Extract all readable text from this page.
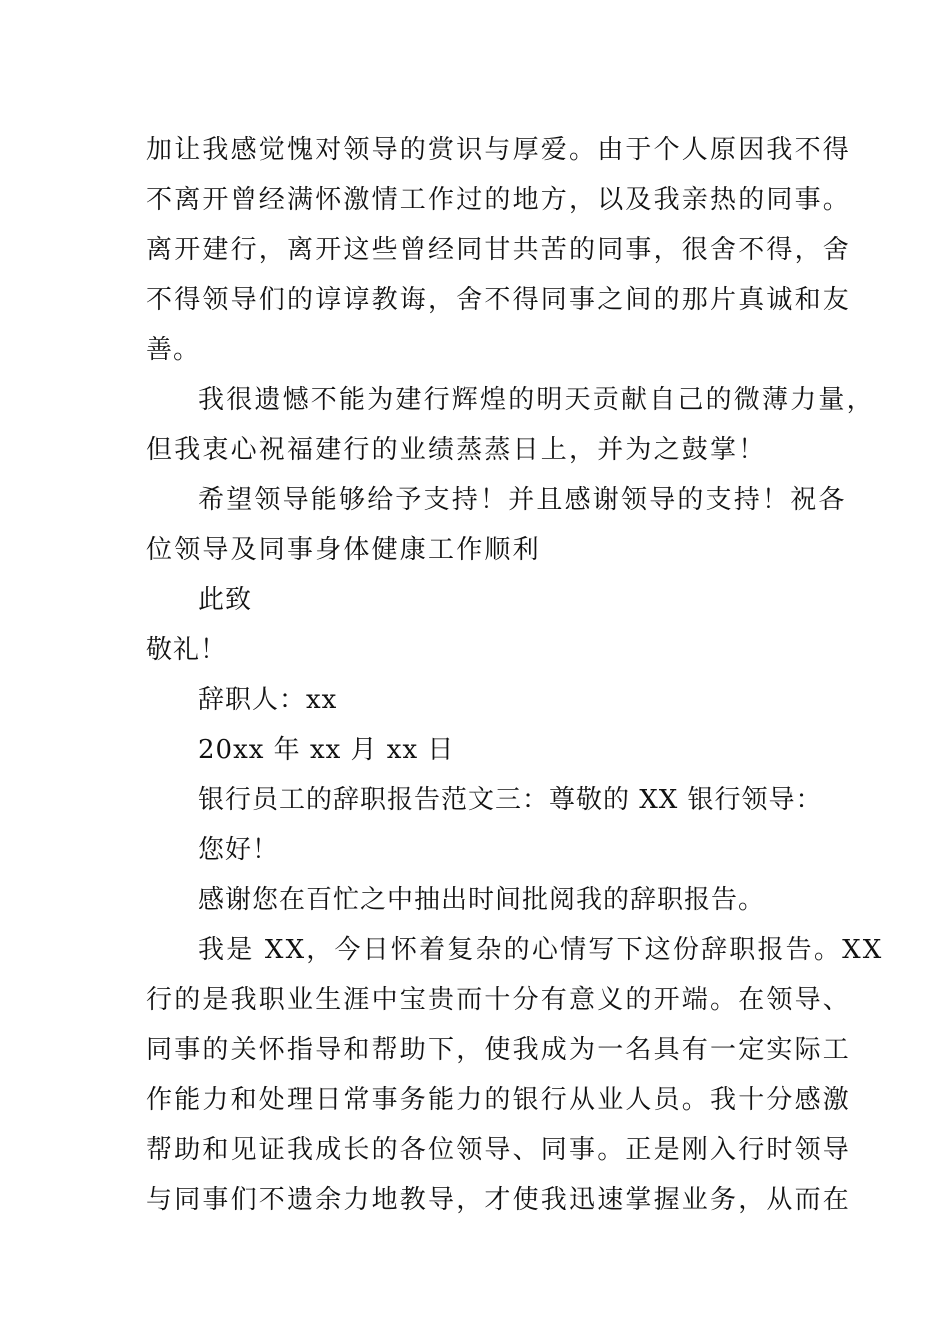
加让我感觉愧对领导的赏识与厚爱。由于个人原因我不得
不离开曾经满怀激情工作过的地方，以及我亲热的同事。
离开建行，离开这些曾经同甘共苦的同事，很舍不得，舍
不得领导们的谆谆教诲，舍不得同事之间的那片真诚和友
善。
我很遗憾不能为建行辉煌的明天贡献自己的微薄力量，
但我衷心祝福建行的业绩蒸蒸日上，并为之鼓掌！
希望领导能够给予支持！并且感谢领导的支持！祝各
位领导及同事身体健康工作顺利
此致
敬礼！
辞职人：xx
20xx 年 xx 月 xx 日
银行员工的辞职报告范文三：尊敬的 XX 银行领导：
您好！
感谢您在百忙之中抽出时间批阅我的辞职报告。
我是 XX，今日怀着复杂的心情写下这份辞职报告。XX
行的是我职业生涯中宝贵而十分有意义的开端。在领导、
同事的关怀指导和帮助下，使我成为一名具有一定实际工
作能力和处理日常事务能力的银行从业人员。我十分感激
帮助和见证我成长的各位领导、同事。正是刚入行时领导
与同事们不遗余力地教导，才使我迅速掌握业务，从而在
